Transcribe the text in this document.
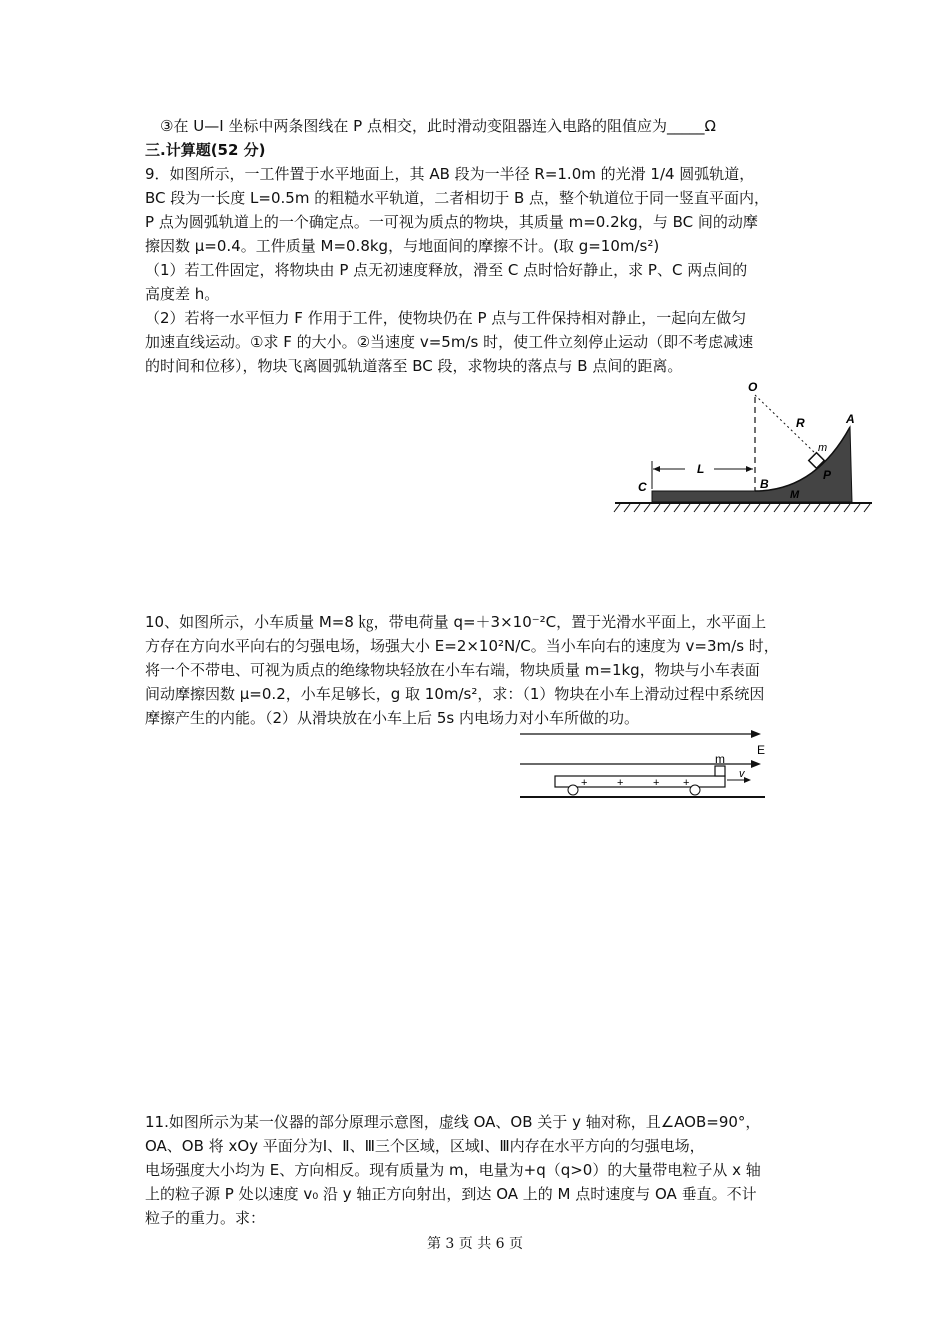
③在 U—I 坐标中两条图线在 P 点相交，此时滑动变阻器连入电路的阻值应为_____Ω
三.计算题(52 分)
9．如图所示，一工件置于水平地面上，其 AB 段为一半径 R=1.0m 的光滑 1/4 圆弧轨道，
BC 段为一长度 L=0.5m 的粗糙水平轨道，二者相切于 B 点，整个轨道位于同一竖直平面内，
P 点为圆弧轨道上的一个确定点。一可视为质点的物块，其质量 m=0.2kg，与 BC 间的动摩
擦因数 μ=0.4。工件质量 M=0.8kg，与地面间的摩擦不计。(取 g=10m/s²)
（1）若工件固定，将物块由 P 点无初速度释放，滑至 C 点时恰好静止，求 P、C 两点间的
高度差 h。
（2）若将一水平恒力 F 作用于工件，使物块仍在 P 点与工件保持相对静止，一起向左做匀
加速直线运动。①求 F 的大小。②当速度 v=5m/s 时，使工件立刻停止运动（即不考虑减速
的时间和位移），物块飞离圆弧轨道落至 BC 段，求物块的落点与 B 点间的距离。
O
R	A
m
P
L
B
C
M
10、如图所示，小车质量 M=8 ㎏，带电荷量 q=＋3×10⁻²C，置于光滑水平面上，水平面上
方存在方向水平向右的匀强电场，场强大小 E=2×10²N/C。当小车向右的速度为 v=3m/s 时，
将一个不带电、可视为质点的绝缘物块轻放在小车右端，物块质量 m=1kg，物块与小车表面
间动摩擦因数 μ=0.2，小车足够长，g 取 10m/s²，求：（1）物块在小车上滑动过程中系统因
摩擦产生的内能。（2）从滑块放在小车上后 5s 内电场力对小车所做的功。
+	+	+ +
E
m
v
11.如图所示为某一仪器的部分原理示意图，虚线 OA、OB 关于 y 轴对称，且∠AOB=90°，
OA、OB 将 xOy 平面分为Ⅰ、Ⅱ、Ⅲ三个区域，区域Ⅰ、Ⅲ内存在水平方向的匀强电场，
电场强度大小均为 E、方向相反。现有质量为 m，电量为+q（q>0）的大量带电粒子从 x 轴
上的粒子源 P 处以速度 v₀ 沿 y 轴正方向射出，到达 OA 上的 M 点时速度与 OA 垂直。不计
粒子的重力。求：
第 3 页 共 6 页
